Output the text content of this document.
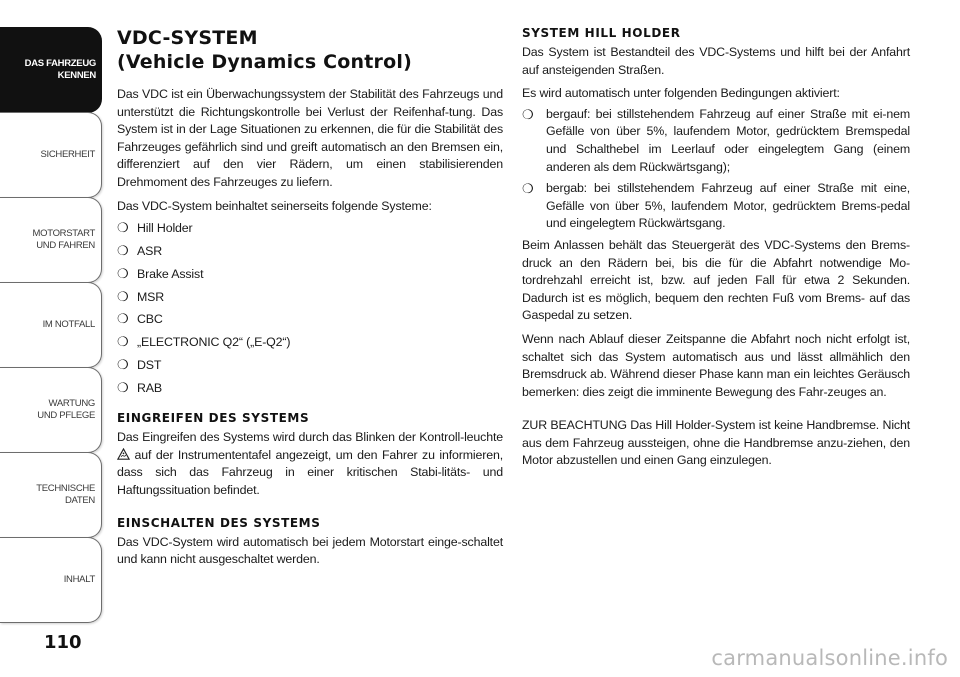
DAS FAHRZEUG
KENNEN
SICHERHEIT
MOTORSTART
UND FAHREN
IM NOTFALL
WARTUNG
UND PFLEGE
TECHNISCHE
DATEN
INHALT
110
VDC-SYSTEM
(Vehicle Dynamics Control)

Das VDC ist ein Überwachungssystem der Stabilität des Fahrzeugs und unterstützt die Richtungskontrolle bei Verlust der Reifenhaf-tung. Das System ist in der Lage Situationen zu erkennen, die für die Stabilität des Fahrzeuges gefährlich sind und greift automatisch an den Bremsen ein, differenziert auf den vier Rädern, um einen stabilisierenden Drehmoment des Fahrzeuges zu liefern.

Das VDC-System beinhaltet seinerseits folgende Systeme:

❍ Hill Holder
❍ ASR
❍ Brake Assist
❍ MSR
❍ CBC
❍ „ELECTRONIC Q2“ („E-Q2“)
❍ DST
❍ RAB
EINGREIFEN DES SYSTEMS

Das Eingreifen des Systems wird durch das Blinken der Kontroll-leuchte  auf der Instrumententafel angezeigt, um den Fahrer zu informieren, dass sich das Fahrzeug in einer kritischen Stabi-litäts- und Haftungssituation befindet.

EINSCHALTEN DES SYSTEMS

Das VDC-System wird automatisch bei jedem Motorstart einge-schaltet und kann nicht ausgeschaltet werden.

SYSTEM HILL HOLDER

Das System ist Bestandteil des VDC-Systems und hilft bei der Anfahrt auf ansteigenden Straßen.

Es wird automatisch unter folgenden Bedingungen aktiviert:

❍	bergauf: bei stillstehendem Fahrzeug auf einer Straße mit ei-nem Gefälle von über 5%, laufendem Motor, gedrücktem Bremspedal und Schalthebel im Leerlauf oder eingelegtem Gang (einem anderen als dem Rückwärtsgang);
❍	bergab: bei stillstehendem Fahrzeug auf einer Straße mit eine, Gefälle von über 5%, laufendem Motor, gedrücktem Brems-pedal und eingelegtem Rückwärtsgang.

Beim Anlassen behält das Steuergerät des VDC-Systems den Brems-druck an den Rädern bei, bis die für die Abfahrt notwendige Mo-tordrehzahl erreicht ist, bzw. auf jeden Fall für etwa 2 Sekunden. Dadurch ist es möglich, bequem den rechten Fuß vom Brems- auf das Gaspedal zu setzen.

Wenn nach Ablauf dieser Zeitspanne die Abfahrt noch nicht erfolgt ist, schaltet sich das System automatisch aus und lässt allmählich den Bremsdruck ab. Während dieser Phase kann man ein leichtes Geräusch bemerken: dies zeigt die imminente Bewegung des Fahr-zeuges an.

ZUR BEACHTUNG Das Hill Holder-System ist keine Handbremse. Nicht aus dem Fahrzeug aussteigen, ohne die Handbremse anzu-ziehen, den Motor abzustellen und einen Gang einzulegen.

carmanualsonline.info
